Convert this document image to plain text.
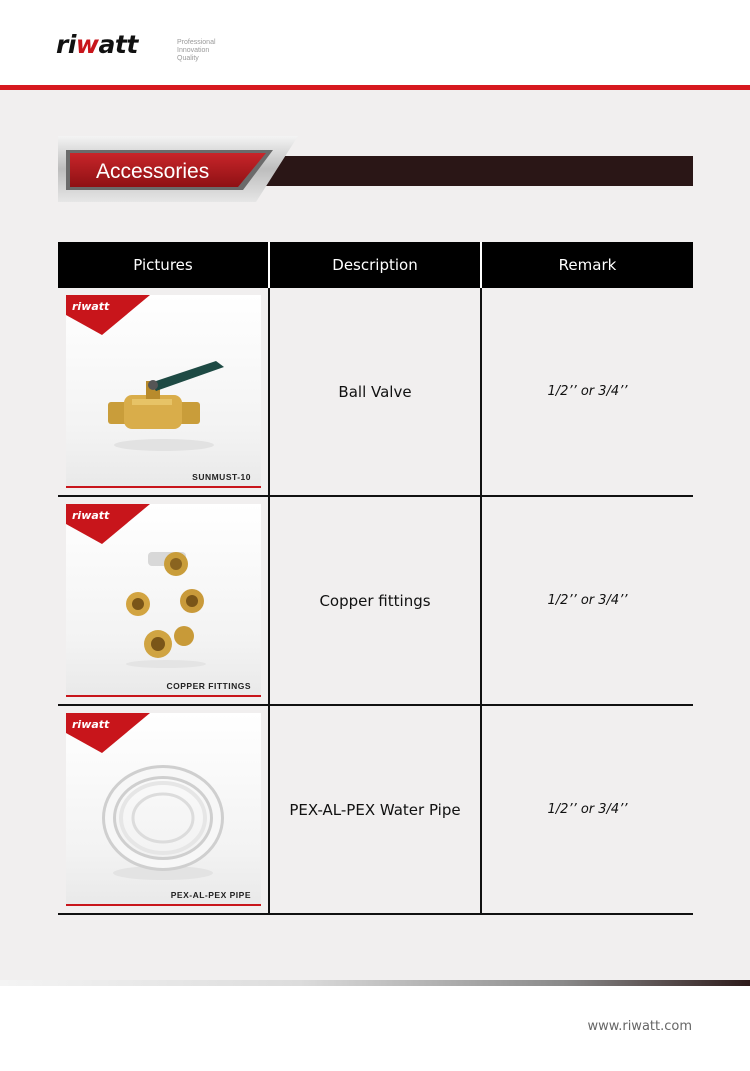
riwatt	Professional
Innovation
Quality
Accessories
Pictures	Description	Remark
riwatt
SUNMUST-10
Ball Valve	1/2’’ or 3/4’’
riwatt
COPPER FITTINGS
Copper fittings	1/2’’ or 3/4’’
riwatt
PEX-AL-PEX PIPE
PEX-AL-PEX Water Pipe	1/2’’ or 3/4’’
www.riwatt.com
